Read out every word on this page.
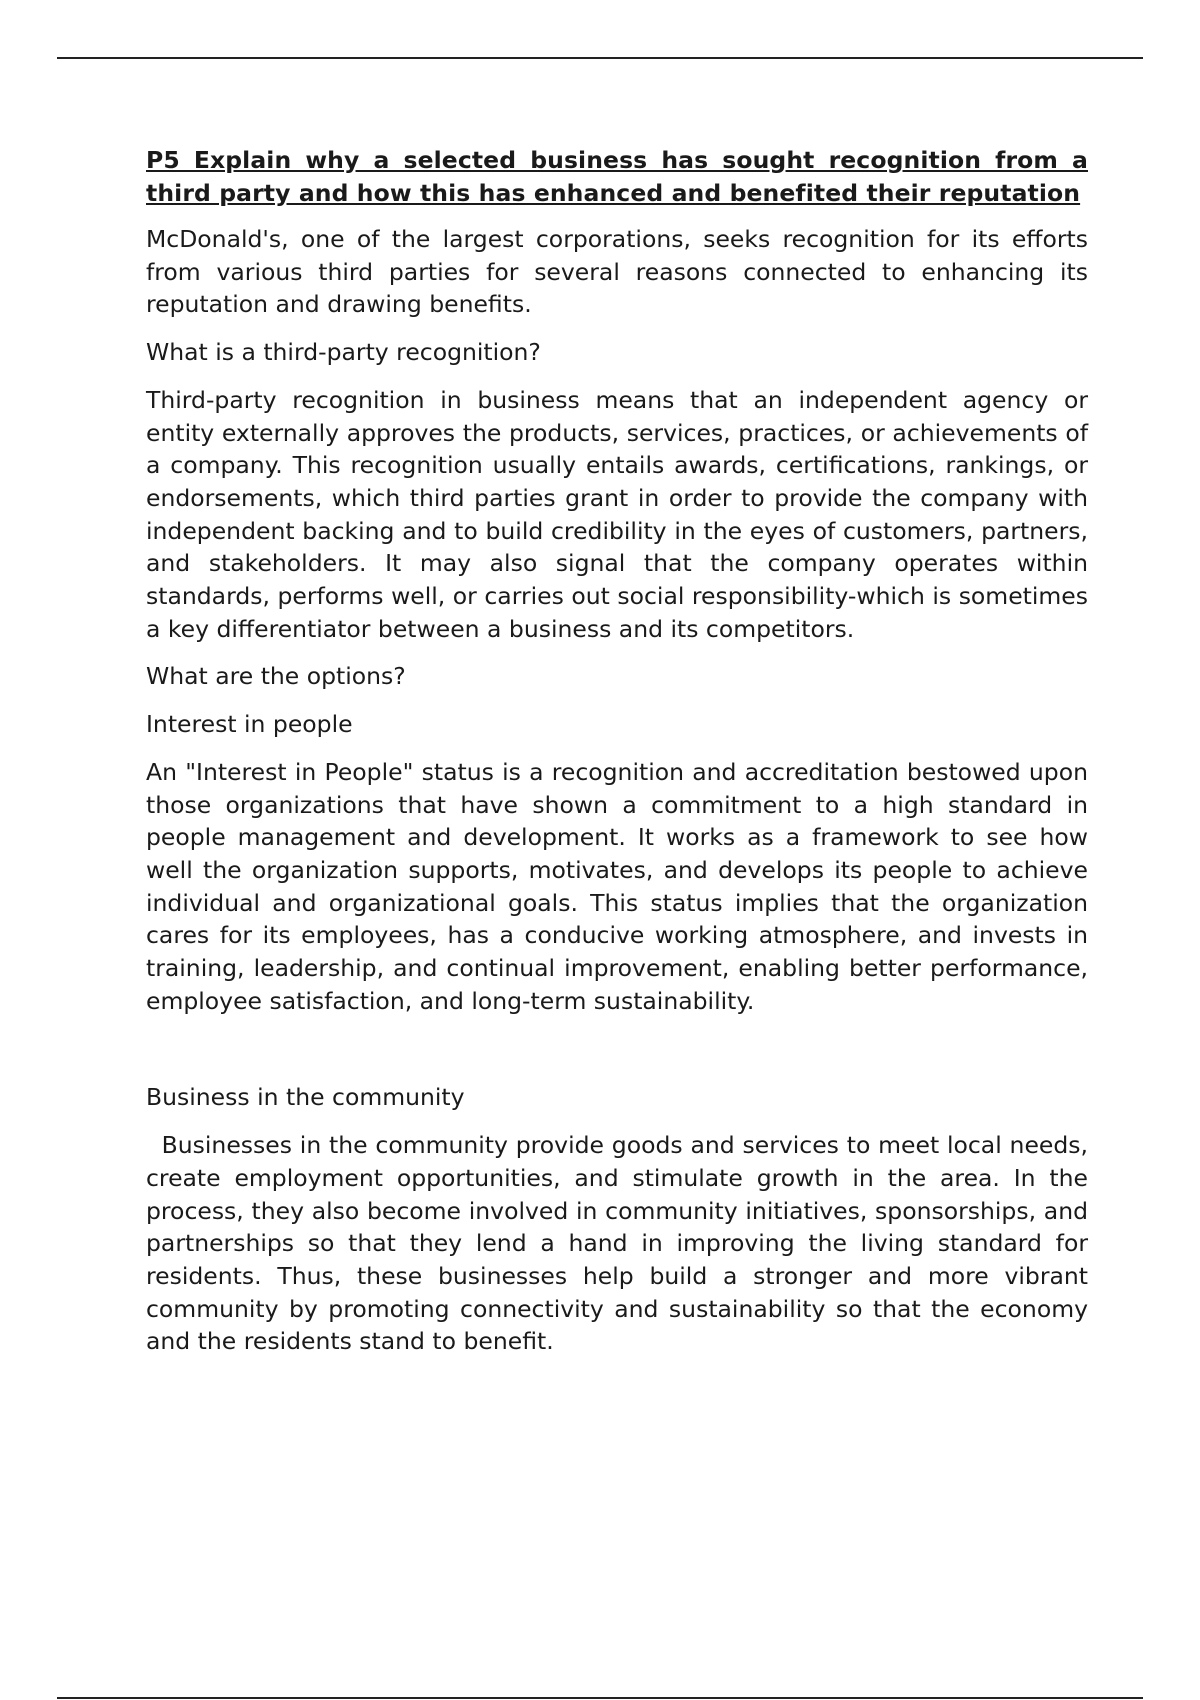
P5 Explain why a selected business has sought recognition from a third party and how this has enhanced and benefited their reputation

McDonald's, one of the largest corporations, seeks recognition for its efforts from various third parties for several reasons connected to enhancing its reputation and drawing benefits.

What is a third-party recognition?

Third-party recognition in business means that an independent agency or entity externally approves the products, services, practices, or achievements of a company. This recognition usually entails awards, certifications, rankings, or endorsements, which third parties grant in order to provide the company with independent backing and to build credibility in the eyes of customers, partners, and stakeholders. It may also signal that the company operates within standards, performs well, or carries out social responsibility-which is sometimes a key differentiator between a business and its competitors.

What are the options?

Interest in people

An "Interest in People" status is a recognition and accreditation bestowed upon those organizations that have shown a commitment to a high standard in people management and development. It works as a framework to see how well the organization supports, motivates, and develops its people to achieve individual and organizational goals. This status implies that the organization cares for its employees, has a conducive working atmosphere, and invests in training, leadership, and continual improvement, enabling better performance, employee satisfaction, and long-term sustainability.

Business in the community

Businesses in the community provide goods and services to meet local needs, create employment opportunities, and stimulate growth in the area. In the process, they also become involved in community initiatives, sponsorships, and partnerships so that they lend a hand in improving the living standard for residents. Thus, these businesses help build a stronger and more vibrant community by promoting connectivity and sustainability so that the economy and the residents stand to benefit.
